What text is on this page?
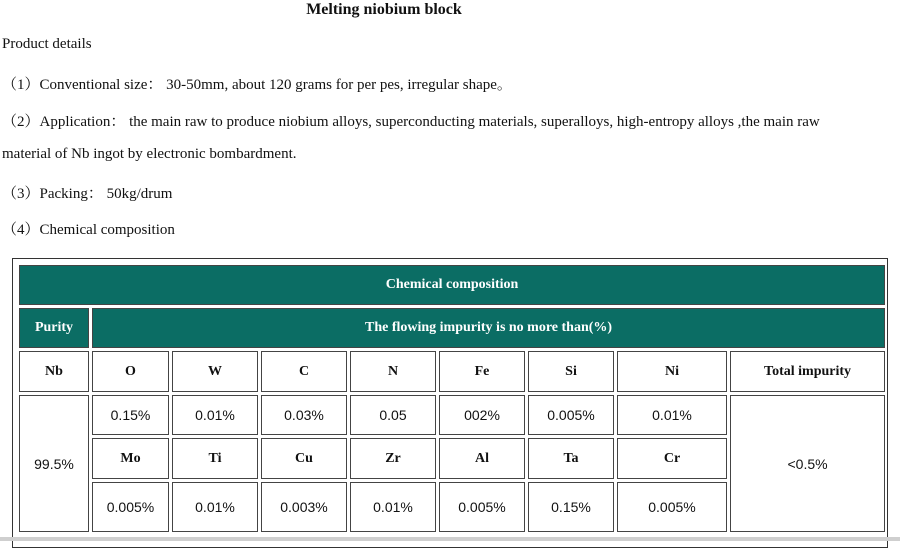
Melting niobium block
Product details
（1）Conventional size： 30-50mm, about 120 grams for per pes, irregular shape。
（2）Application： the main raw to produce niobium alloys, superconducting materials, superalloys, high-entropy alloys ,the main raw
material of Nb ingot by electronic bombardment.
（3）Packing： 50kg/drum
（4）Chemical composition
Chemical composition								
Purity	The flowing impurity is no more than(%)							
Nb	O	W	C	N	Fe	Si	Ni	Total impurity
99.5%	0.15%	0.01%	0.03%	0.05	002%	0.005%	0.01%	<0.5%
	Mo	Ti	Cu	Zr	Al	Ta	Cr	
	0.005%	0.01%	0.003%	0.01%	0.005%	0.15%	0.005%	
